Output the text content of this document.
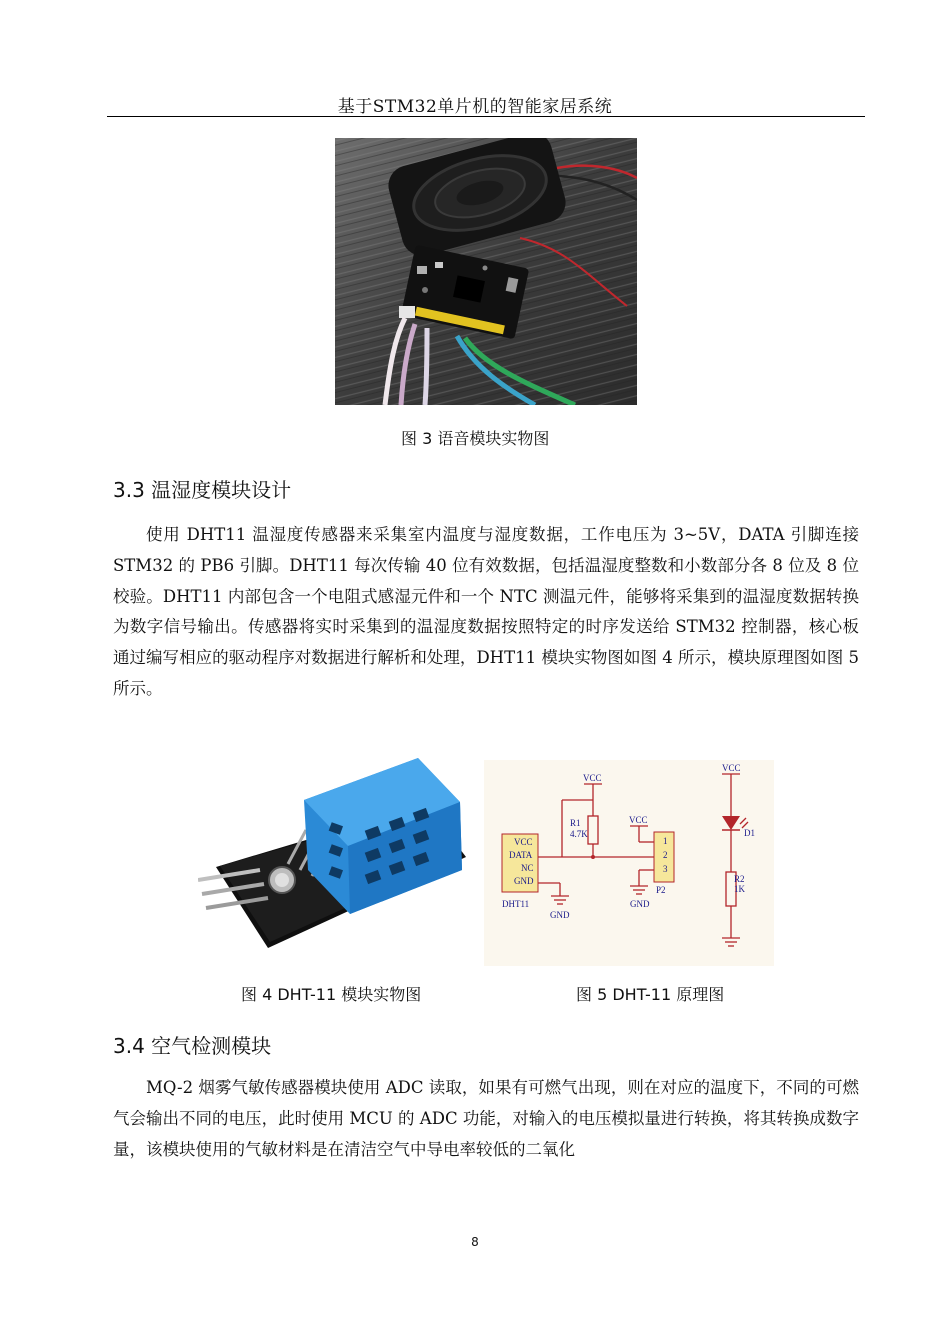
基于STM32单片机的智能家居系统
图 3 语音模块实物图
3.3 温湿度模块设计

使用 DHT11 温湿度传感器来采集室内温度与湿度数据，工作电压为 3~5V，DATA 引脚连接 STM32 的 PB6 引脚。DHT11 每次传输 40 位有效数据，包括温湿度整数和小数部分各 8 位及 8 位校验。DHT11 内部包含一个电阻式感湿元件和一个 NTC 测温元件，能够将采集到的温湿度数据转换为数字信号输出。传感器将实时采集到的温湿度数据按照特定的时序发送给 STM32 控制器，核心板通过编写相应的驱动程序对数据进行解析和处理，DHT11 模块实物图如图 4 所示，模块原理图如图 5 所示。

图 4 DHT-11 模块实物图
VCC
R1
4.7K
VCC
VCC
D1
R2
1K
VCC
DATA
NC
GND
DHT11
GND
GND
1
2
3
P2
图 5 DHT-11 原理图
3.4 空气检测模块

MQ-2 烟雾气敏传感器模块使用 ADC 读取，如果有可燃气出现，则在对应的温度下，不同的可燃气会输出不同的电压，此时使用 MCU 的 ADC 功能，对输入的电压模拟量进行转换，将其转换成数字量，该模块使用的气敏材料是在清洁空气中导电率较低的二氧化

8
